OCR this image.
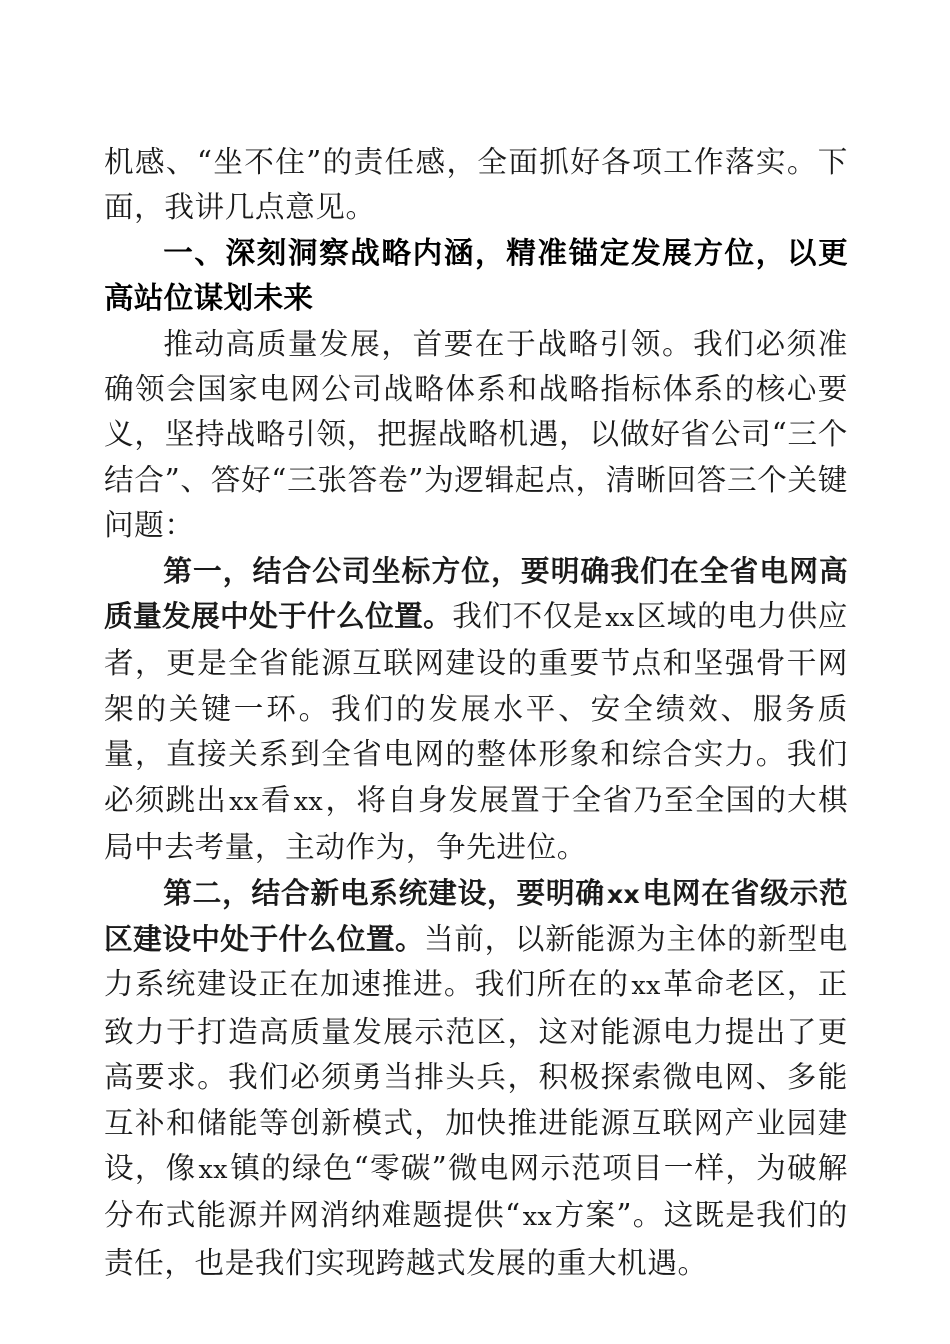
机感、“坐不住”的责任感，全面抓好各项工作落实。下面，我讲几点意见。

一、深刻洞察战略内涵，精准锚定发展方位，以更高站位谋划未来

推动高质量发展，首要在于战略引领。我们必须准确领会国家电网公司战略体系和战略指标体系的核心要义，坚持战略引领，把握战略机遇，以做好省公司“三个结合”、答好“三张答卷”为逻辑起点，清晰回答三个关键问题：

第一，结合公司坐标方位，要明确我们在全省电网高质量发展中处于什么位置。我们不仅是xx区域的电力供应者，更是全省能源互联网建设的重要节点和坚强骨干网架的关键一环。我们的发展水平、安全绩效、服务质量，直接关系到全省电网的整体形象和综合实力。我们必须跳出xx看xx，将自身发展置于全省乃至全国的大棋局中去考量，主动作为，争先进位。

第二，结合新电系统建设，要明确xx电网在省级示范区建设中处于什么位置。当前，以新能源为主体的新型电力系统建设正在加速推进。我们所在的xx革命老区，正致力于打造高质量发展示范区，这对能源电力提出了更高要求。我们必须勇当排头兵，积极探索微电网、多能互补和储能等创新模式，加快推进能源互联网产业园建设，像xx镇的绿色“零碳”微电网示范项目一样，为破解分布式能源并网消纳难题提供“xx方案”。这既是我们的责任，也是我们实现跨越式发展的重大机遇。
